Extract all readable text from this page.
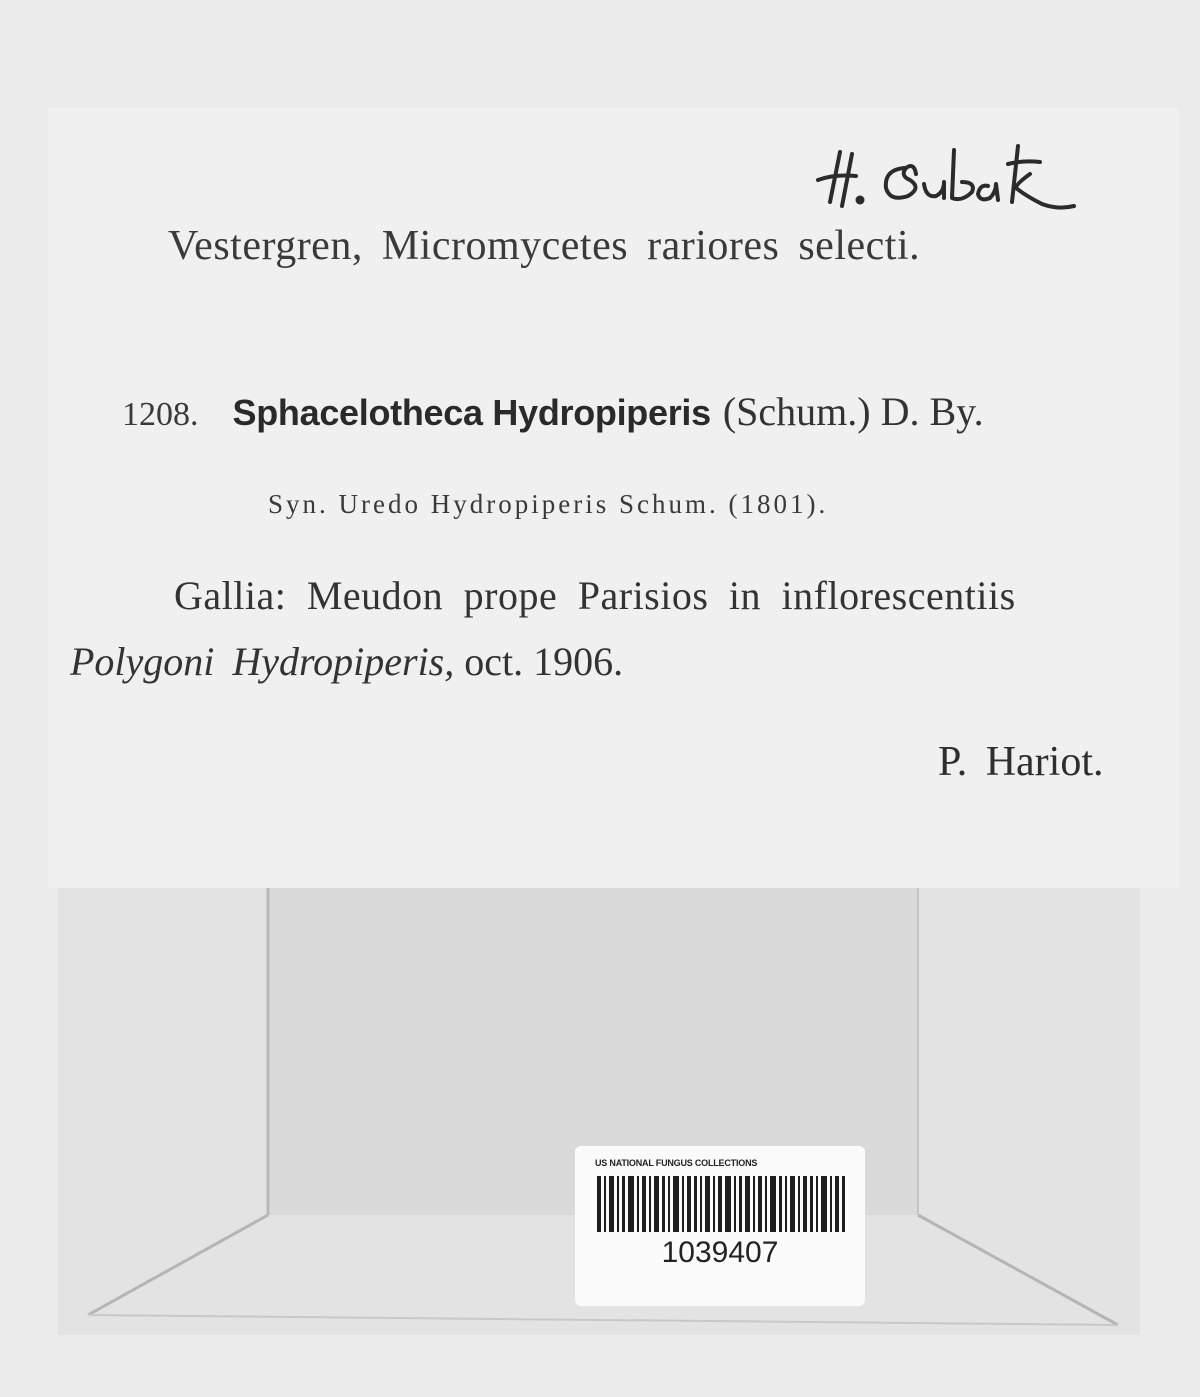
Vestergren, Micromycetes rariores selecti.
1208. Sphacelotheca Hydropiperis (Schum.) D. By.
Syn. Uredo Hydropiperis Schum. (1801).
Gallia: Meudon prope Parisios in inflorescentiis
Polygoni Hydropiperis, oct. 1906.
P. Hariot.
US NATIONAL FUNGUS COLLECTIONS
1039407
